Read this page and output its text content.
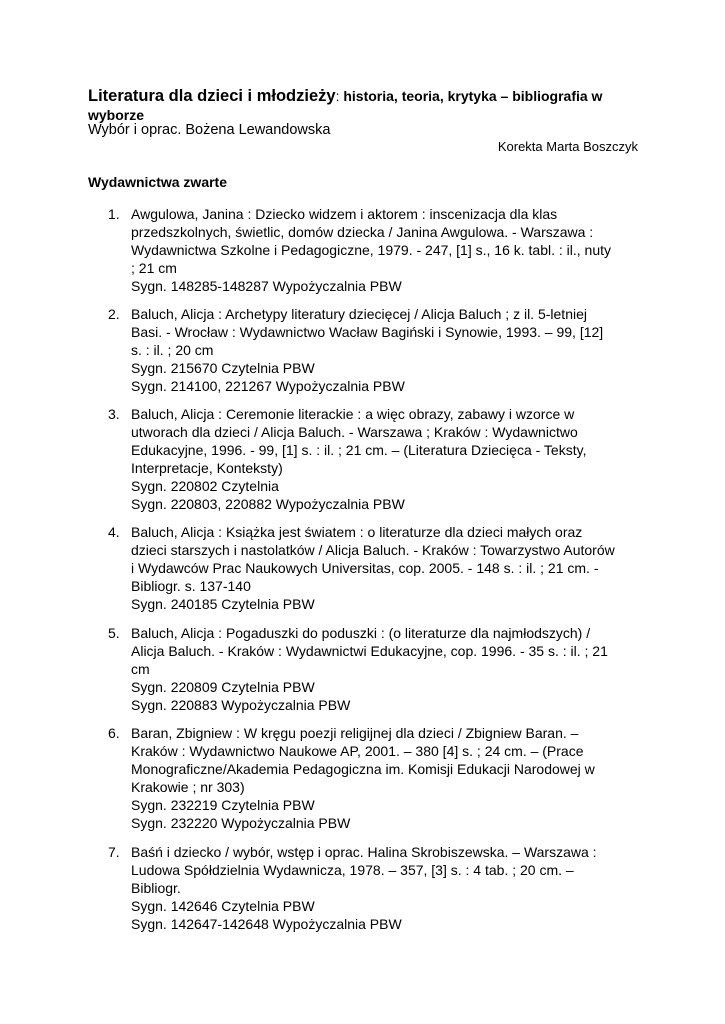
Literatura dla dzieci i młodzieży: historia, teoria, krytyka – bibliografia w
wyborze
Wybór i oprac. Bożena Lewandowska
Korekta Marta Boszczyk
Wydawnictwa zwarte
1. Awgulowa, Janina : Dziecko widzem i aktorem : inscenizacja dla klas
przedszkolnych, świetlic, domów dziecka / Janina Awgulowa. - Warszawa :
Wydawnictwa Szkolne i Pedagogiczne, 1979. - 247, [1] s., 16 k. tabl. : il., nuty
; 21 cm
Sygn. 148285-148287 Wypożyczalnia PBW
2. Baluch, Alicja : Archetypy literatury dziecięcej / Alicja Baluch ; z il. 5-letniej
Basi. - Wrocław : Wydawnictwo Wacław Bagiński i Synowie, 1993. – 99, [12]
s. : il. ; 20 cm
Sygn. 215670 Czytelnia PBW
Sygn. 214100, 221267 Wypożyczalnia PBW
3. Baluch, Alicja : Ceremonie literackie : a więc obrazy, zabawy i wzorce w
utworach dla dzieci / Alicja Baluch. - Warszawa ; Kraków : Wydawnictwo
Edukacyjne, 1996. - 99, [1] s. : il. ; 21 cm. – (Literatura Dziecięca - Teksty,
Interpretacje, Konteksty)
Sygn. 220802 Czytelnia
Sygn. 220803, 220882 Wypożyczalnia PBW
4. Baluch, Alicja : Książka jest światem : o literaturze dla dzieci małych oraz
dzieci starszych i nastolatków / Alicja Baluch. - Kraków : Towarzystwo Autorów
i Wydawców Prac Naukowych Universitas, cop. 2005. - 148 s. : il. ; 21 cm. -
Bibliogr. s. 137-140
Sygn. 240185 Czytelnia PBW
5. Baluch, Alicja : Pogaduszki do poduszki : (o literaturze dla najmłodszych) /
Alicja Baluch. - Kraków : Wydawnictwi Edukacyjne, cop. 1996. - 35 s. : il. ; 21
cm
Sygn. 220809 Czytelnia PBW
Sygn. 220883 Wypożyczalnia PBW
6. Baran, Zbigniew : W kręgu poezji religijnej dla dzieci / Zbigniew Baran. –
Kraków : Wydawnictwo Naukowe AP, 2001. – 380 [4] s. ; 24 cm. – (Prace
Monograficzne/Akademia Pedagogiczna im. Komisji Edukacji Narodowej w
Krakowie ; nr 303)
Sygn. 232219 Czytelnia PBW
Sygn. 232220 Wypożyczalnia PBW
7. Baśń i dziecko / wybór, wstęp i oprac. Halina Skrobiszewska. – Warszawa :
Ludowa Spółdzielnia Wydawnicza, 1978. – 357, [3] s. : 4 tab. ; 20 cm. –
Bibliogr.
Sygn. 142646 Czytelnia PBW
Sygn. 142647-142648 Wypożyczalnia PBW
